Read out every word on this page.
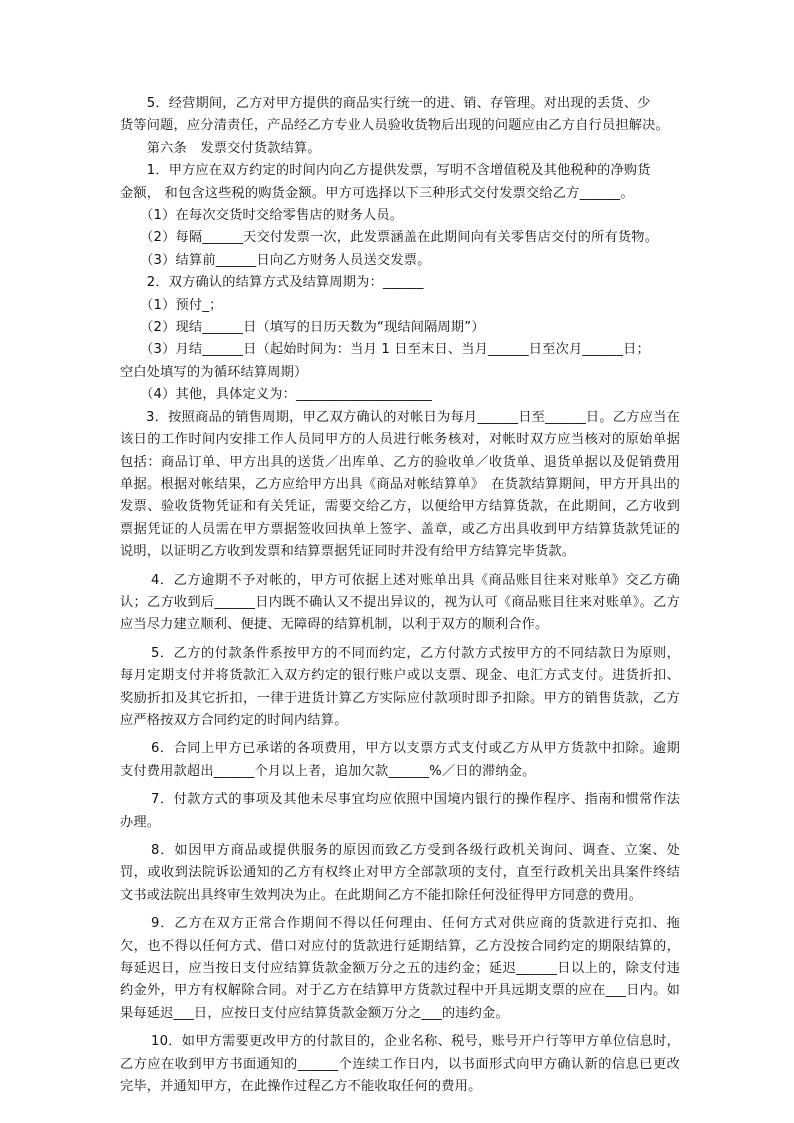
　　5．经营期间，乙方对甲方提供的商品实行统一的进、销、存管理。对出现的丢货、少

货等问题，应分清责任，产品经乙方专业人员验收货物后出现的问题应由乙方自行员担解决。

　　第六条　发票交付货款结算。

　　1．甲方应在双方约定的时间内向乙方提供发票，写明不含增值税及其他税种的净购货

金额， 和包含这些税的购货金额。甲方可选择以下三种形式交付发票交给乙方______。

　　（1）在每次交货时交给零售店的财务人员。

　　（2）每隔______天交付发票一次，此发票涵盖在此期间向有关零售店交付的所有货物。

　　（3）结算前______日向乙方财务人员送交发票。

　　2．双方确认的结算方式及结算周期为：______

　　（1）预付_；

　　（2）现结______日（填写的日历天数为“现结间隔周期”）

　　（3）月结______日（起始时间为：当月 1 日至末日、当月______日至次月______日；

空白处填写的为循环结算周期）

　　（4）其他，具体定义为：____________________

3．按照商品的销售周期，甲乙双方确认的对帐日为每月______日至______日。乙方应当在该日的工作时间内安排工作人员同甲方的人员进行帐务核对，对帐时双方应当核对的原始单据包括：商品订单、甲方出具的送货／出库单、乙方的验收单／收货单、退货单据以及促销费用单据。根据对帐结果，乙方应给甲方出具《商品对帐结算单》　在货款结算期间，甲方开具出的发票、验收货物凭证和有关凭证，需要交给乙方，以便给甲方结算货款，在此期间，乙方收到票据凭证的人员需在甲方票据签收回执单上签字、盖章，或乙方出具收到甲方结算货款凭证的说明，以证明乙方收到发票和结算票据凭证同时并没有给甲方结算完毕货款。

4．乙方逾期不予对帐的，甲方可依据上述对账单出具《商品账目往来对账单》交乙方确认；乙方收到后______日内既不确认又不提出异议的，视为认可《商品账目往来对账单》。乙方应当尽力建立顺利、便捷、无障碍的结算机制，以利于双方的顺利合作。

5．乙方的付款条件系按甲方的不同而约定，乙方付款方式按甲方的不同结款日为原则，每月定期支付并将货款汇入双方约定的银行账户或以支票、现金、电汇方式支付。进货折扣、奖励折扣及其它折扣，一律于进货计算乙方实际应付款项时即予扣除。甲方的销售货款，乙方应严格按双方合同约定的时间内结算。

6．合同上甲方已承诺的各项费用，甲方以支票方式支付或乙方从甲方货款中扣除。逾期支付费用款超出______个月以上者，追加欠款______%／日的滞纳金。

7．付款方式的事项及其他未尽事宜均应依照中国境内银行的操作程序、指南和惯常作法办理。

8．如因甲方商品或提供服务的原因而致乙方受到各级行政机关询问、调查、立案、处罚，或收到法院诉讼通知的乙方有权终止对甲方全部款项的支付，直至行政机关出具案件终结文书或法院出具终审生效判决为止。在此期间乙方不能扣除任何没征得甲方同意的费用。

9．乙方在双方正常合作期间不得以任何理由、任何方式对供应商的货款进行克扣、拖欠，也不得以任何方式、借口对应付的货款进行延期结算，乙方没按合同约定的期限结算的，每延迟日，应当按日支付应结算货款金额万分之五的违约金；延迟______日以上的，除支付违约金外，甲方有权解除合同。对于乙方在结算甲方货款过程中开具远期支票的应在___日内。如果每延迟___日，应按日支付应结算货款金额万分之___的违约金。

10．如甲方需要更改甲方的付款目的，企业名称、税号，账号开户行等甲方单位信息时，乙方应在收到甲方书面通知的______个连续工作日内，以书面形式向甲方确认新的信息已更改完毕，并通知甲方，在此操作过程乙方不能收取任何的费用。
